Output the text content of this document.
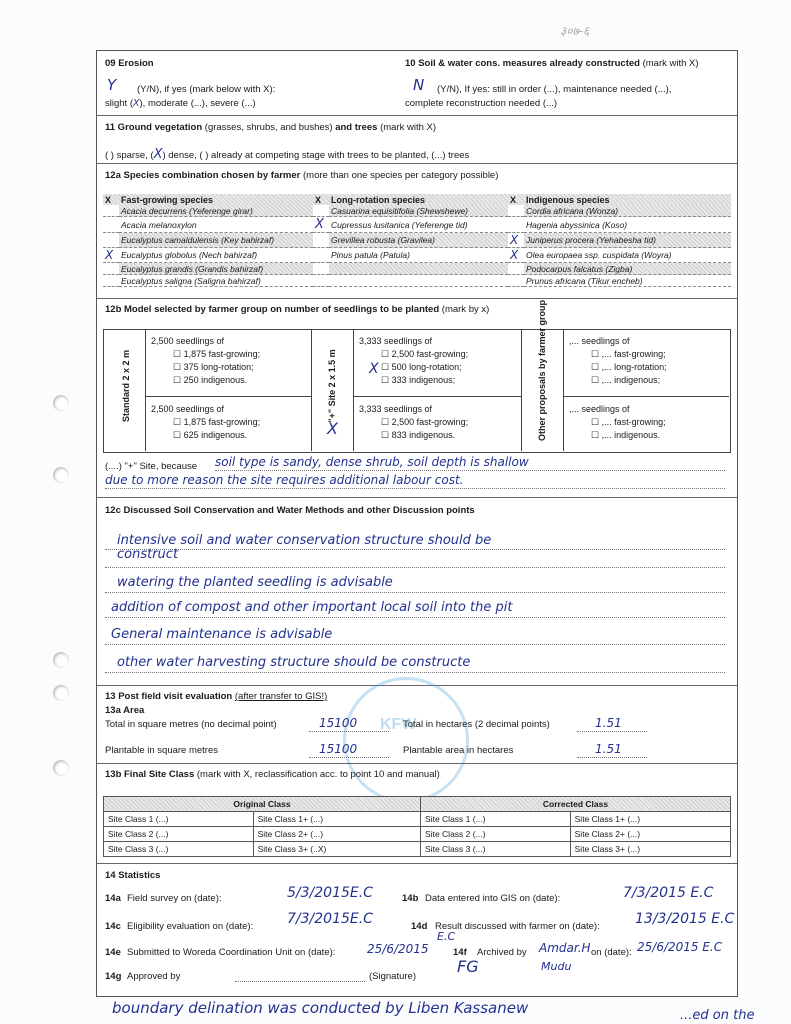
३०७-६
09 Erosion
Y (Y/N), if yes (mark below with X):
slight (X), moderate (...), severe (...)
10 Soil & water cons. measures already constructed (mark with X)
N (Y/N), If yes: still in order (...), maintenance needed (...),
complete reconstruction needed (...)
11 Ground vegetation (grasses, shrubs, and bushes) and trees (mark with X)
( ) sparse, (X) dense, ( ) already at competing stage with trees to be planted, (...) trees
12a Species combination chosen by farmer (more than one species per category possible)
X	Fast-growing species	X	Long-rotation species	X	Indigenous species
	Acacia decurrens (Yeferenge girar)		Casuarina equisitifolia (Shewshewe)		Cordia africana (Wonza)
	Acacia melanoxylon	X	Cupressus lusitanica (Yeferenge tid)		Hagenia abyssinica (Koso)
	Eucalyptus camaldulensis (Key bahirzaf)		Grevillea robusta (Gravilea)	X	Juniperus procera (Yehabesha tid)
X	Eucalyptus globolus (Nech bahirzaf)		Pinus patula (Patula)	X	Olea europaea ssp. cuspidata (Woyra)
	Eucalyptus grandis (Grandis bahirzaf)				Podocarpus falcatus (Zigba)
	Eucalyptus saligna (Saligna bahirzaf)				Prunus africana (Tikur encheb)
12b Model selected by farmer group on number of seedlings to be planted (mark by x)
Standard 2 x 2 m	"+" Site 2 x 1.5 m	Other proposals by farmer group
2,500 seedlings of
☐ 1,875 fast-growing;
☐ 375 long-rotation;
☐ 250 indigenous.
2,500 seedlings of
☐ 1,875 fast-growing;
☐ 625 indigenous.
3,333 seedlings of
☐ 2,500 fast-growing;
☐ 500 long-rotation;
☐ 333 indigenous;
X
3,333 seedlings of
☐ 2,500 fast-growing;
☐ 833 indigenous.
X
,... seedlings of
☐ ,... fast-growing;
☐ ,... long-rotation;
☐ ,... indigenous;
,... seedlings of
☐ ,... fast-growing;
☐ ,... indigenous.
(....) "+" Site, because soil type is sandy, dense shrub, soil depth is shallow
due to more reason the site requires additional labour cost.
12c Discussed Soil Conservation and Water Methods and other Discussion points
intensive soil and water conservation structure should be
construct
watering the planted seedling is advisable
addition of compost and other important local soil into the pit
General maintenance is advisable
other water harvesting structure should be constructe
KFW
13 Post field visit evaluation (after transfer to GIS!)
13a Area
Total in square metres (no decimal point)	15100	Total in hectares (2 decimal points)	1.51
Plantable in square metres	15100	Plantable area in hectares	1.51
13b Final Site Class (mark with X, reclassification acc. to point 10 and manual)
Original Class		Corrected Class	
Site Class 1 (...)	Site Class 1+ (...)	Site Class 1 (...)	Site Class 1+ (...)
Site Class 2 (...)	Site Class 2+ (...)	Site Class 2 (...)	Site Class 2+ (...)
Site Class 3 (...)	Site Class 3+ (..X)	Site Class 3 (...)	Site Class 3+ (...)
14 Statistics
14a Field survey on (date):	5/3/2015E.C	14b Data entered into GIS on (date):	7/3/2015 E.C
14c Eligibility evaluation on (date): 7/3/2015E.C	14d Result discussed with farmer on (date):	13/3/2015 E.C
14e Submitted to Woreda Coordination Unit on (date):	25/6/2015
E.C
14f Archived by Amdar.H on (date): 25/6/2015 E.C
Mudu
14g Approved by	(Signature)
FG
boundary delination was conducted by Liben Kassanew	...ed on the
